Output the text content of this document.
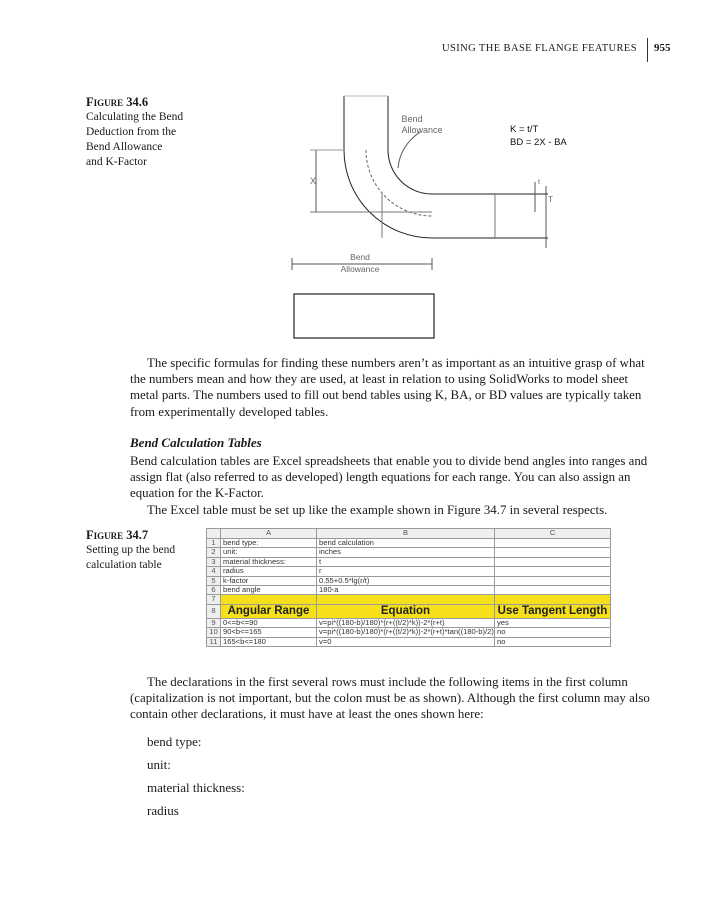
USING THE BASE FLANGE FEATURES 955
Figure 34.6
Calculating the Bend
Deduction from the
Bend Allowance
and K-Factor
Bend
Allowance	K = t/T
BD = 2X - BA
X	t
T
Bend
Allowance

The specific formulas for finding these numbers aren’t as important as an intuitive grasp of what the numbers mean and how they are used, at least in relation to using SolidWorks to model sheet metal parts. The numbers used to fill out bend tables using K, BA, or BD values are typically taken from experimentally developed tables.

Bend Calculation Tables

Bend calculation tables are Excel spreadsheets that enable you to divide bend angles into ranges and assign flat (also referred to as developed) length equations for each range. You can also assign an equation for the K-Factor.

The Excel table must be set up like the example shown in Figure 34.7 in several respects.

Figure 34.7
Setting up the bend
calculation table
	A	B	C
1	bend type:	bend calculation	
2	unit:	inches	
3	material thickness:	t	
4	radius	r	
5	k-factor	0.55+0.5*lg(r/t)	
6	bend angle	180-a	
7			
8	Angular Range	Equation	Use Tangent Length
9	0<=b<=90	v=pi*((180-b)/180)*(r+((t/2)*k))-2*(r+t)	yes
10	90<b<=165	v=pi*((180-b)/180)*(r+((t/2)*k))-2*(r+t)*tan((180-b)/2)	no
11	165<b<=180	v=0	no

The declarations in the first several rows must include the following items in the first column (capitalization is not important, but the colon must be as shown). Although the first column may also contain other declarations, it must have at least the ones shown here:

bend type:
unit:
material thickness:
radius
